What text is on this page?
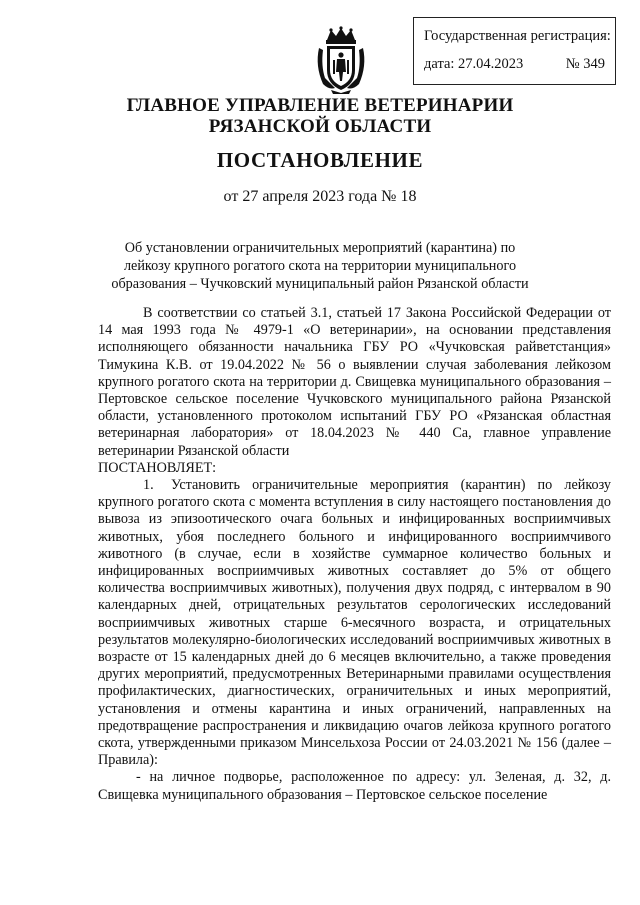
Государственная регистрация:
дата: 27.04.2023	№ 349
ГЛАВНОЕ УПРАВЛЕНИЕ ВЕТЕРИНАРИИ
РЯЗАНСКОЙ ОБЛАСТИ
ПОСТАНОВЛЕНИЕ
от 27 апреля 2023 года № 18
Об установлении ограничительных мероприятий (карантина) по лейкозу крупного рогатого скота на территории муниципального образования – Чучковский муниципальный район Рязанской области

В соответствии со статьей 3.1, статьей 17 Закона Российской Федерации от 14 мая 1993 года № 4979-1 «О ветеринарии», на основании представления исполняющего обязанности начальника ГБУ РО «Чучковская райветстанция» Тимукина К.В. от 19.04.2022 № 56 о выявлении случая заболевания лейкозом крупного рогатого скота на территории д. Свищевка муниципального образования – Пертовское сельское поселение Чучковского муниципального района Рязанской области, установленного протоколом испытаний ГБУ РО «Рязанская областная ветеринарная лаборатория» от 18.04.2023 № 440 Са, главное управление ветеринарии Рязанской области

ПОСТАНОВЛЯЕТ:

1. Установить ограничительные мероприятия (карантин) по лейкозу крупного рогатого скота с момента вступления в силу настоящего постановления до вывоза из эпизоотического очага больных и инфицированных восприимчивых животных, убоя последнего больного и инфицированного восприимчивого животного (в случае, если в хозяйстве суммарное количество больных и инфицированных восприимчивых животных составляет до 5% от общего количества восприимчивых животных), получения двух подряд, с интервалом в 90 календарных дней, отрицательных результатов серологических исследований восприимчивых животных старше 6-месячного возраста, и отрицательных результатов молекулярно-биологических исследований восприимчивых животных в возрасте от 15 календарных дней до 6 месяцев включительно, а также проведения других мероприятий, предусмотренных Ветеринарными правилами осуществления профилактических, диагностических, ограничительных и иных мероприятий, установления и отмены карантина и иных ограничений, направленных на предотвращение распространения и ликвидацию очагов лейкоза крупного рогатого скота, утвержденными приказом Минсельхоза России от 24.03.2021 № 156 (далее – Правила):

- на личное подворье, расположенное по адресу: ул. Зеленая, д. 32, д. Свищевка муниципального образования – Пертовское сельское поселение
